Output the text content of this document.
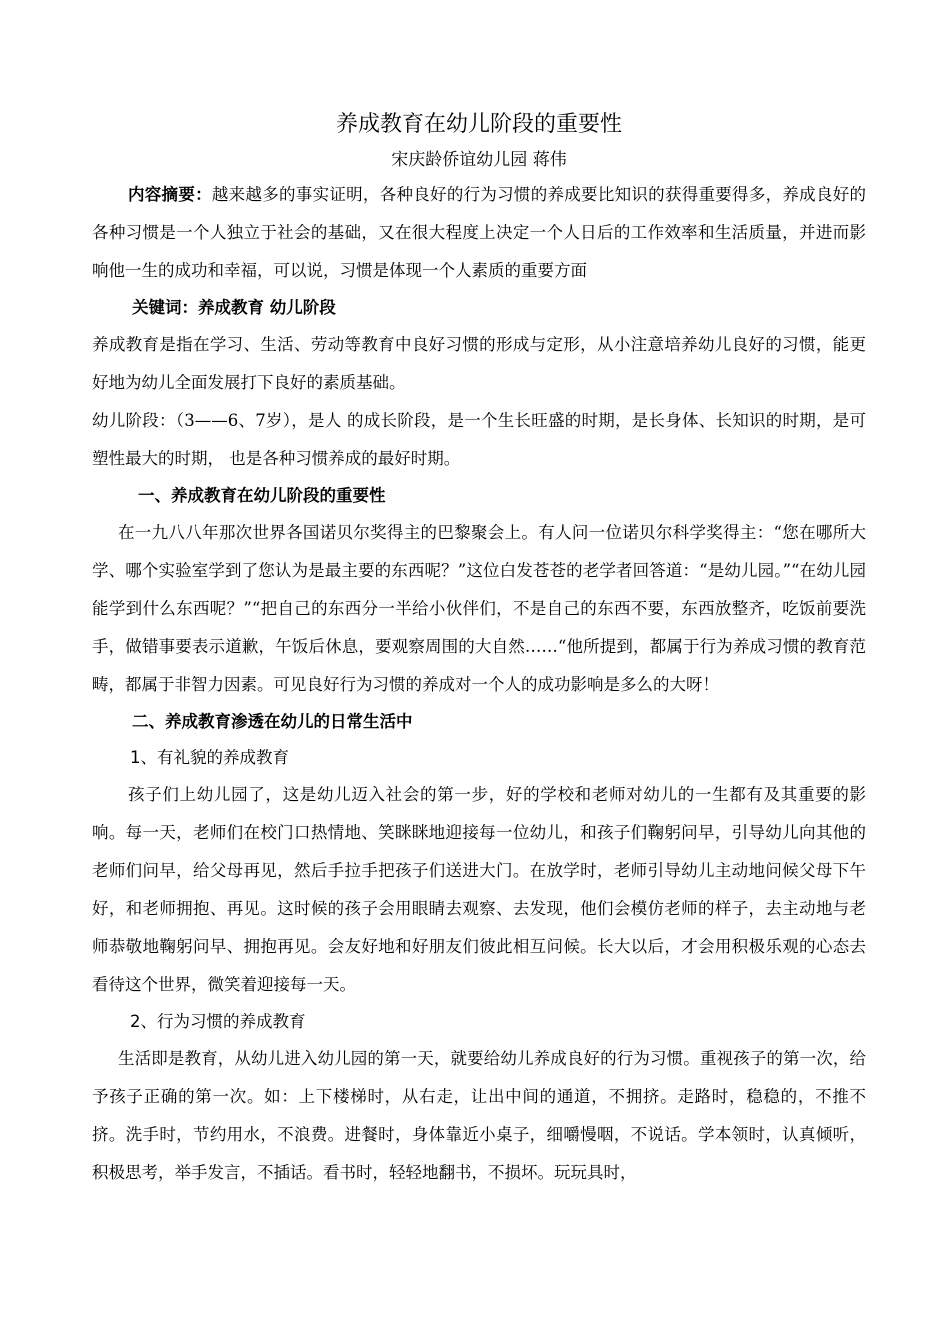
养成教育在幼儿阶段的重要性
宋庆龄侨谊幼儿园 蒋伟

内容摘要：越来越多的事实证明，各种良好的行为习惯的养成要比知识的获得重要得多，养成良好的各种习惯是一个人独立于社会的基础，又在很大程度上决定一个人日后的工作效率和生活质量，并进而影响他一生的成功和幸福，可以说，习惯是体现一个人素质的重要方面

关键词：养成教育 幼儿阶段

养成教育是指在学习、生活、劳动等教育中良好习惯的形成与定形，从小注意培养幼儿良好的习惯，能更好地为幼儿全面发展打下良好的素质基础。

幼儿阶段：（3——6、7岁），是人 的成长阶段，是一个生长旺盛的时期，是长身体、长知识的时期，是可塑性最大的时期， 也是各种习惯养成的最好时期。

一、养成教育在幼儿阶段的重要性

在一九八八年那次世界各国诺贝尔奖得主的巴黎聚会上。有人问一位诺贝尔科学奖得主：“您在哪所大学、哪个实验室学到了您认为是最主要的东西呢？”这位白发苍苍的老学者回答道：“是幼儿园。”“在幼儿园能学到什么东西呢？”“把自己的东西分一半给小伙伴们，不是自己的东西不要，东西放整齐，吃饭前要洗手，做错事要表示道歉，午饭后休息，要观察周围的大自然……“他所提到，都属于行为养成习惯的教育范畴，都属于非智力因素。可见良好行为习惯的养成对一个人的成功影响是多么的大呀！

二、养成教育渗透在幼儿的日常生活中

1、有礼貌的养成教育

孩子们上幼儿园了，这是幼儿迈入社会的第一步，好的学校和老师对幼儿的一生都有及其重要的影响。每一天，老师们在校门口热情地、笑眯眯地迎接每一位幼儿，和孩子们鞠躬问早，引导幼儿向其他的老师们问早，给父母再见，然后手拉手把孩子们送进大门。在放学时，老师引导幼儿主动地问候父母下午好，和老师拥抱、再见。这时候的孩子会用眼睛去观察、去发现，他们会模仿老师的样子，去主动地与老师恭敬地鞠躬问早、拥抱再见。会友好地和好朋友们彼此相互问候。长大以后，才会用积极乐观的心态去看待这个世界，微笑着迎接每一天。

2、行为习惯的养成教育

生活即是教育，从幼儿进入幼儿园的第一天，就要给幼儿养成良好的行为习惯。重视孩子的第一次，给予孩子正确的第一次。如：上下楼梯时，从右走，让出中间的通道，不拥挤。走路时，稳稳的，不推不挤。洗手时，节约用水，不浪费。进餐时，身体靠近小桌子，细嚼慢咽，不说话。学本领时，认真倾听，积极思考，举手发言，不插话。看书时，轻轻地翻书，不损坏。玩玩具时，
